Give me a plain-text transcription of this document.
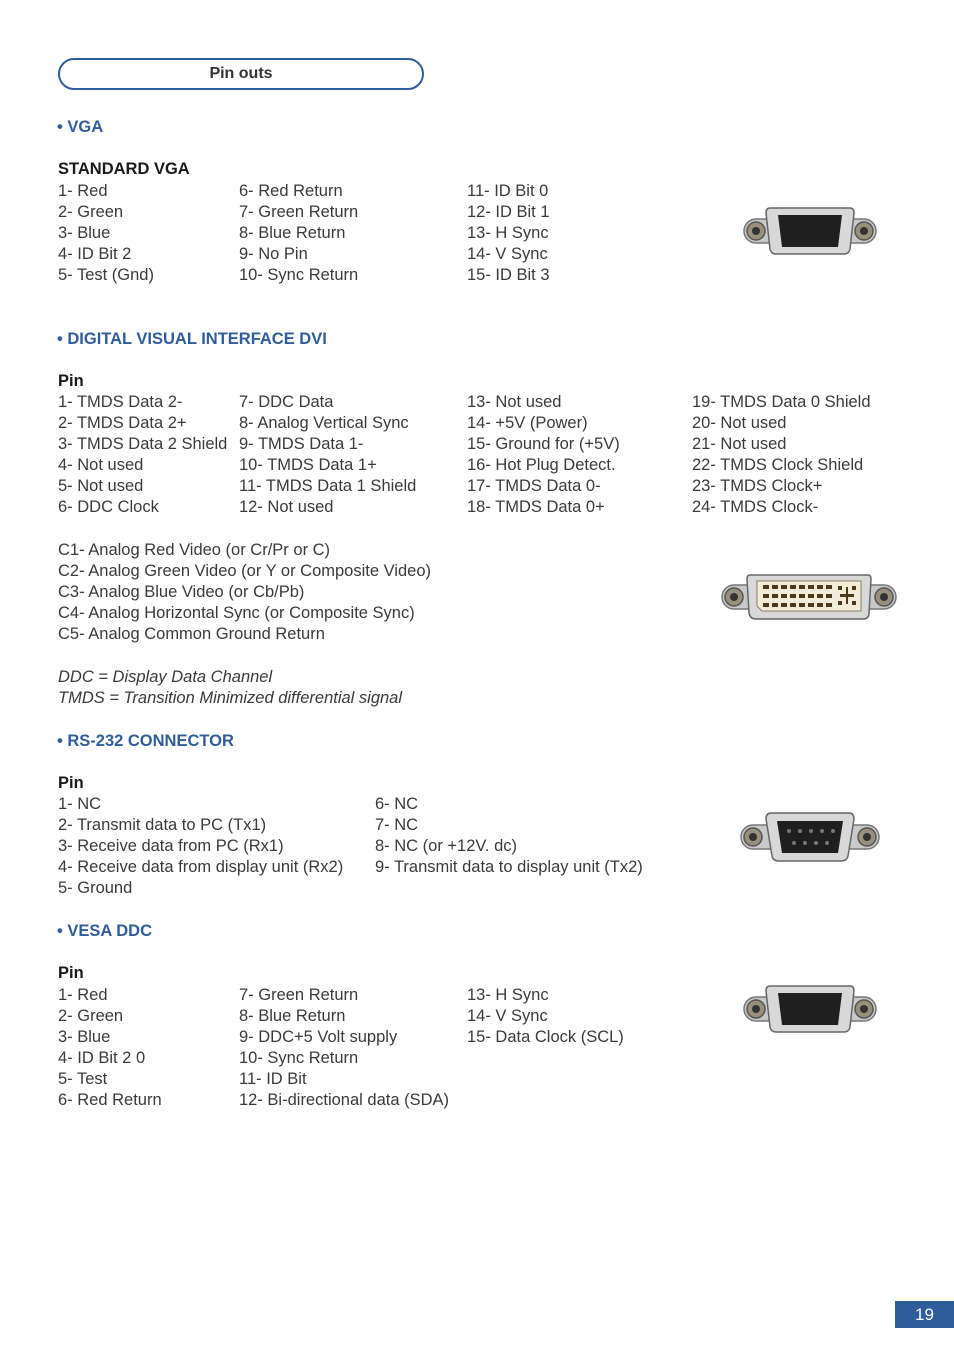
Pin outs
• VGA
STANDARD VGA
1- Red
2- Green
3- Blue
4- ID Bit 2
5- Test (Gnd)
6- Red Return
7- Green Return
8- Blue Return
9- No Pin
10- Sync Return
11- ID Bit 0
12- ID Bit 1
13- H Sync
14- V Sync
15- ID Bit 3
• DIGITAL VISUAL INTERFACE DVI
Pin
1- TMDS Data 2-
2- TMDS Data 2+
3- TMDS Data 2 Shield
4- Not used
5- Not used
6- DDC Clock
7- DDC Data
8- Analog Vertical Sync
9- TMDS Data 1-
10- TMDS Data 1+
11- TMDS Data 1 Shield
12- Not used
13- Not used
14- +5V (Power)
15- Ground for (+5V)
16- Hot Plug Detect.
17- TMDS Data 0-
18- TMDS Data 0+
19- TMDS Data 0 Shield
20- Not used
21- Not used
22- TMDS Clock Shield
23- TMDS Clock+
24- TMDS Clock-
C1- Analog Red Video (or Cr/Pr or C)
C2- Analog Green Video (or Y or Composite Video)
C3- Analog Blue Video (or Cb/Pb)
C4- Analog Horizontal Sync (or Composite Sync)
C5- Analog Common Ground Return
DDC = Display Data Channel
TMDS = Transition Minimized differential signal
• RS-232 CONNECTOR
Pin
1- NC
2- Transmit data to PC (Tx1)
3- Receive data from PC (Rx1)
4- Receive data from display unit (Rx2)
5- Ground
6- NC
7- NC
8- NC (or +12V. dc)
9- Transmit data to display unit (Tx2)
• VESA DDC
Pin
1- Red
2- Green
3- Blue
4- ID Bit 2 0
5- Test
6- Red Return
7- Green Return
8- Blue Return
9- DDC+5 Volt supply
10- Sync Return
11- ID Bit
12- Bi-directional data (SDA)
13- H Sync
14- V Sync
15- Data Clock (SCL)
19
